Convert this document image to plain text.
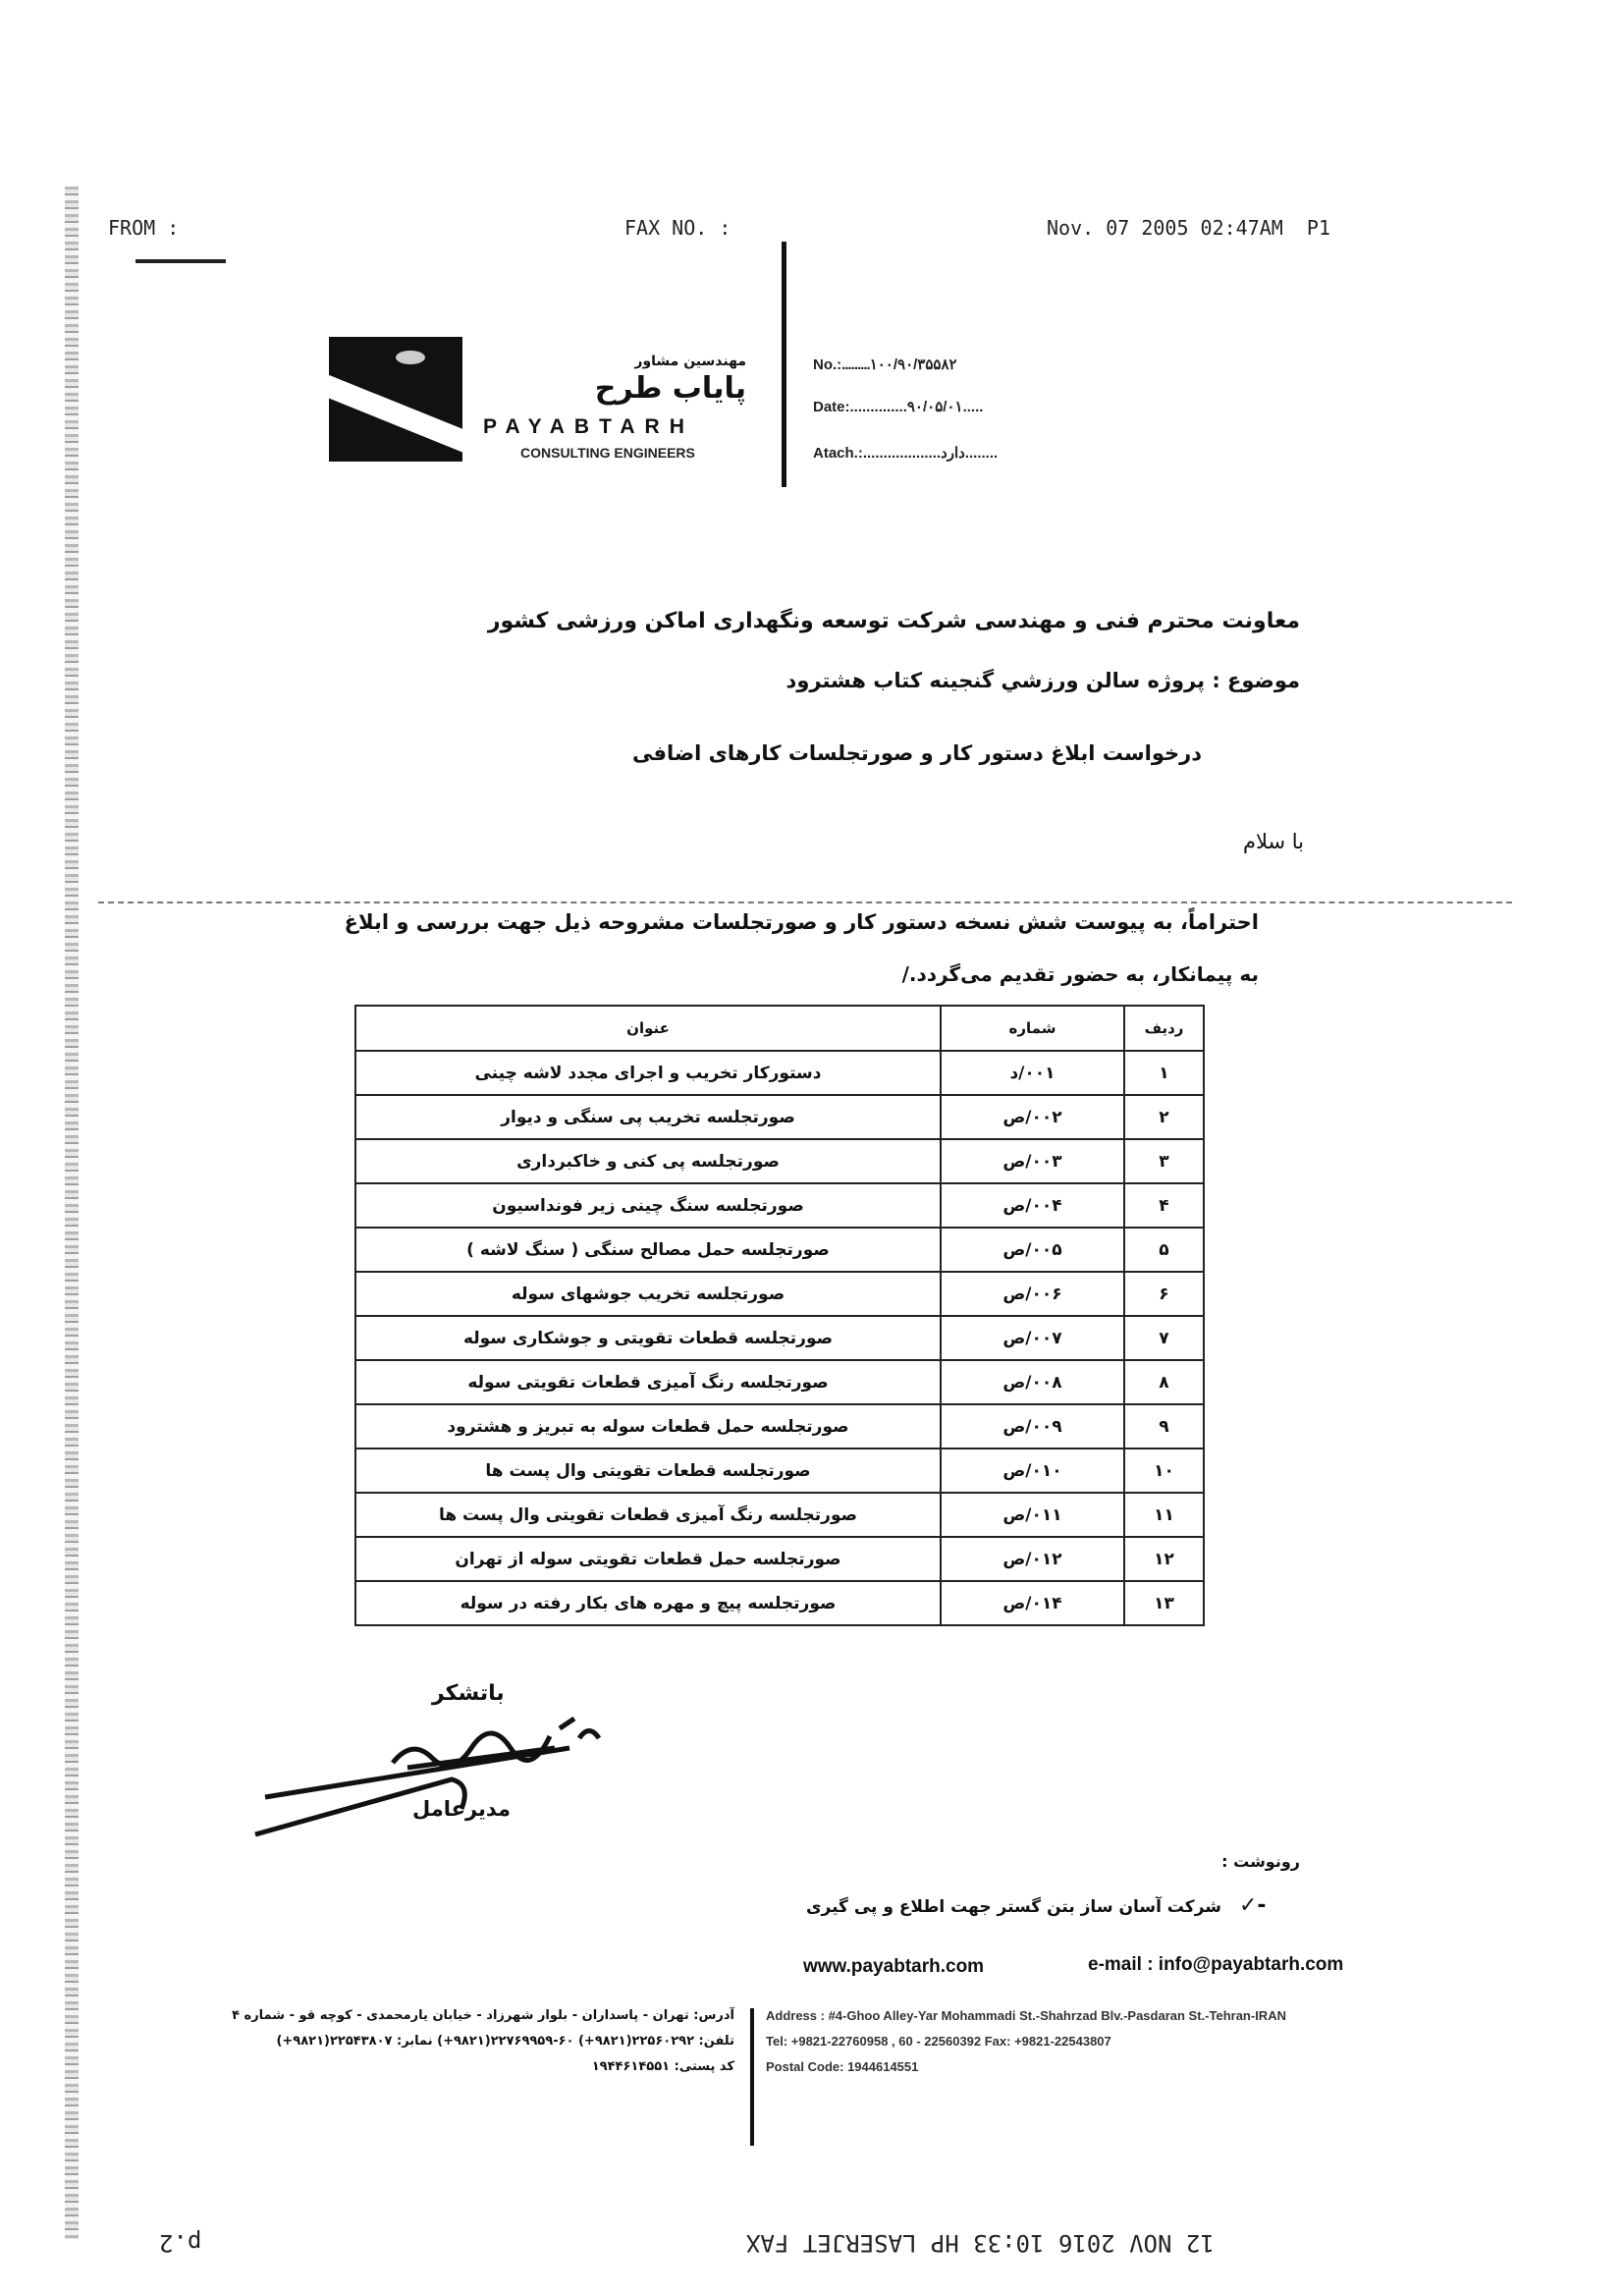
FROM :	FAX NO. :	Nov. 07 2005 02:47AM P1
مهندسین مشاور
پایاب طرح
PAYABTARH
CONSULTING ENGINEERS
No.:.........۱۰۰/۹۰/۳۵۵۸۲
Date:..............۹۰/۰۵/۰۱.....
Atach.:...................دارد........
معاونت محترم فنی و مهندسی شرکت توسعه ونگهداری اماکن ورزشی کشور
موضوع : پروژه سالن ورزشي گنجینه کتاب هشترود
درخواست ابلاغ دستور کار و صورتجلسات کارهای اضافی
با سلام
احتراماً، به پیوست شش نسخه دستور کار و صورتجلسات مشروحه ذیل جهت بررسی و ابلاغ
به پیمانكار، به حضور تقدیم می‌گردد./
عنوان	شماره	ردیف
دستورکار تخریب و اجرای مجدد لاشه چینی	۰۰۱/د	۱
صورتجلسه تخریب پی سنگی و دیوار	۰۰۲/ص	۲
صورتجلسه پی کنی و خاکبرداری	۰۰۳/ص	۳
صورتجلسه سنگ چینی زیر فونداسیون	۰۰۴/ص	۴
صورتجلسه حمل مصالح سنگی ( سنگ لاشه )	۰۰۵/ص	۵
صورتجلسه تخریب جوشهای سوله	۰۰۶/ص	۶
صورتجلسه قطعات تقویتی و جوشکاری سوله	۰۰۷/ص	۷
صورتجلسه رنگ آمیزی قطعات تقویتی سوله	۰۰۸/ص	۸
صورتجلسه حمل قطعات سوله به تبریز و هشترود	۰۰۹/ص	۹
صورتجلسه قطعات تقویتی وال پست ها	۰۱۰/ص	۱۰
صورتجلسه رنگ آمیزی قطعات تقویتی وال پست ها	۰۱۱/ص	۱۱
صورتجلسه حمل قطعات تقویتی سوله از تهران	۰۱۲/ص	۱۲
صورتجلسه پیچ و مهره های بکار رفته در سوله	۰۱۴/ص	۱۳
باتشکر
مدیرعامل
رونوشت :
✓-
شرکت آسان ساز بتن گستر جهت اطلاع و پی گیری
www.payabtarh.com	e-mail : info@payabtarh.com
Address : #4-Ghoo Alley-Yar Mohammadi St.-Shahrzad Blv.-Pasdaran St.-Tehran-IRAN
Tel: +9821-22760958 , 60 - 22560392 Fax: +9821-22543807
Postal Code: 1944614551
آدرس: تهران - پاسداران - بلوار شهرزاد - خیابان یارمحمدی - کوچه قو - شماره ۴
تلفن: ۲۲۵۶۰۲۹۲(۹۸۲۱+) ۶۰-۲۲۷۶۹۹۵۹(۹۸۲۱+) نمابر: ۲۲۵۴۳۸۰۷(۹۸۲۱+)
کد پستی: ۱۹۴۴۶۱۴۵۵۱
12 NOV 2016 10:33 HP LASERJET FAX
p.2
